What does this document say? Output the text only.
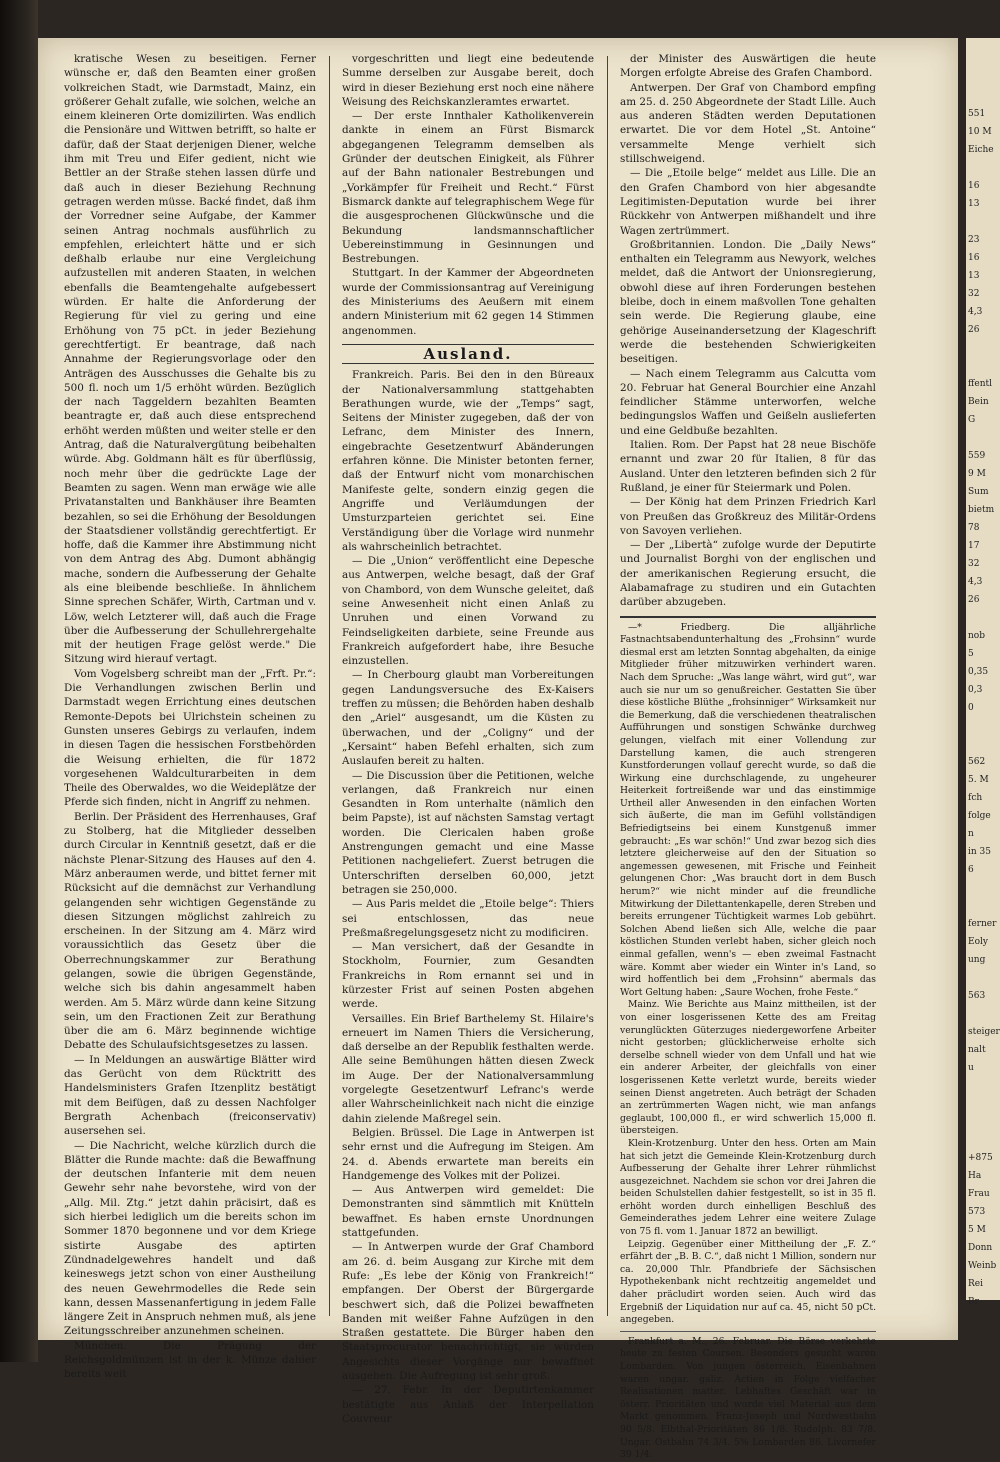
kratische Wesen zu beseitigen. Ferner wünsche er, daß den Beamten einer großen volkreichen Stadt, wie Darmstadt, Mainz, ein größerer Gehalt zufalle, wie solchen, welche an einem kleineren Orte domizilirten. Was endlich die Pensionäre und Wittwen betrifft, so halte er dafür, daß der Staat derjenigen Diener, welche ihm mit Treu und Eifer gedient, nicht wie Bettler an der Straße stehen lassen dürfe und daß auch in dieser Beziehung Rechnung getragen werden müsse. Backé findet, daß ihm der Vorredner seine Aufgabe, der Kammer seinen Antrag nochmals ausführlich zu empfehlen, erleichtert hätte und er sich deßhalb erlaube nur eine Vergleichung aufzustellen mit anderen Staaten, in welchen ebenfalls die Beamtengehalte aufgebessert würden. Er halte die Anforderung der Regierung für viel zu gering und eine Erhöhung von 75 pCt. in jeder Beziehung gerechtfertigt. Er beantrage, daß nach Annahme der Regierungsvorlage oder den Anträgen des Ausschusses die Gehalte bis zu 500 fl. noch um 1/5 erhöht würden. Bezüglich der nach Taggeldern bezahlten Beamten beantragte er, daß auch diese entsprechend erhöht werden müßten und weiter stelle er den Antrag, daß die Naturalvergütung beibehalten würde. Abg. Goldmann hält es für überflüssig, noch mehr über die gedrückte Lage der Beamten zu sagen. Wenn man erwäge wie alle Privatanstalten und Bankhäuser ihre Beamten bezahlen, so sei die Erhöhung der Besoldungen der Staatsdiener vollständig gerechtfertigt. Er hoffe, daß die Kammer ihre Abstimmung nicht von dem Antrag des Abg. Dumont abhängig mache, sondern die Aufbesserung der Gehalte als eine bleibende beschließe. In ähnlichem Sinne sprechen Schäfer, Wirth, Cartman und v. Löw, welch Letzterer will, daß auch die Frage über die Aufbesserung der Schullehrergehalte mit der heutigen Frage gelöst werde." Die Sitzung wird hierauf vertagt.

Vom Vogelsberg schreibt man der „Frft. Pr.“: Die Verhandlungen zwischen Berlin und Darmstadt wegen Errichtung eines deutschen Remonte-Depots bei Ulrichstein scheinen zu Gunsten unseres Gebirgs zu verlaufen, indem in diesen Tagen die hessischen Forstbehörden die Weisung erhielten, die für 1872 vorgesehenen Waldculturarbeiten in dem Theile des Oberwaldes, wo die Weideplätze der Pferde sich finden, nicht in Angriff zu nehmen.

Berlin. Der Präsident des Herrenhauses, Graf zu Stolberg, hat die Mitglieder desselben durch Circular in Kenntniß gesetzt, daß er die nächste Plenar-Sitzung des Hauses auf den 4. März anberaumen werde, und bittet ferner mit Rücksicht auf die demnächst zur Verhandlung gelangenden sehr wichtigen Gegenstände zu diesen Sitzungen möglichst zahlreich zu erscheinen. In der Sitzung am 4. März wird voraussichtlich das Gesetz über die Oberrechnungskammer zur Berathung gelangen, sowie die übrigen Gegenstände, welche sich bis dahin angesammelt haben werden. Am 5. März würde dann keine Sitzung sein, um den Fractionen Zeit zur Berathung über die am 6. März beginnende wichtige Debatte des Schulaufsichtsgesetzes zu lassen.

— In Meldungen an auswärtige Blätter wird das Gerücht von dem Rücktritt des Handelsministers Grafen Itzenplitz bestätigt mit dem Beifügen, daß zu dessen Nachfolger Bergrath Achenbach (freiconservativ) ausersehen sei.

— Die Nachricht, welche kürzlich durch die Blätter die Runde machte: daß die Bewaffnung der deutschen Infanterie mit dem neuen Gewehr sehr nahe bevorstehe, wird von der „Allg. Mil. Ztg.“ jetzt dahin präcisirt, daß es sich hierbei lediglich um die bereits schon im Sommer 1870 begonnene und vor dem Kriege sistirte Ausgabe des aptirten Zündnadelgewehres handelt und daß keineswegs jetzt schon von einer Austheilung des neuen Gewehrmodelles die Rede sein kann, dessen Massenanfertigung in jedem Falle längere Zeit in Anspruch nehmen muß, als jene Zeitungsschreiber anzunehmen scheinen.

München. Die Prägung der Reichsgoldmünzen ist in der k. Münze dahier bereits weit

vorgeschritten und liegt eine bedeutende Summe derselben zur Ausgabe bereit, doch wird in dieser Beziehung erst noch eine nähere Weisung des Reichskanzleramtes erwartet.

— Der erste Innthaler Katholikenverein dankte in einem an Fürst Bismarck abgegangenen Telegramm demselben als Gründer der deutschen Einigkeit, als Führer auf der Bahn nationaler Bestrebungen und „Vorkämpfer für Freiheit und Recht.“ Fürst Bismarck dankte auf telegraphischem Wege für die ausgesprochenen Glückwünsche und die Bekundung landsmannschaftlicher Uebereinstimmung in Gesinnungen und Bestrebungen.

Stuttgart. In der Kammer der Abgeordneten wurde der Commissionsantrag auf Vereinigung des Ministeriums des Aeußern mit einem andern Ministerium mit 62 gegen 14 Stimmen angenommen.

Ausland.

Frankreich. Paris. Bei den in den Büreaux der Nationalversammlung stattgehabten Berathungen wurde, wie der „Temps“ sagt, Seitens der Minister zugegeben, daß der von Lefranc, dem Minister des Innern, eingebrachte Gesetzentwurf Abänderungen erfahren könne. Die Minister betonten ferner, daß der Entwurf nicht vom monarchischen Manifeste gelte, sondern einzig gegen die Angriffe und Verläumdungen der Umsturzparteien gerichtet sei. Eine Verständigung über die Vorlage wird nunmehr als wahrscheinlich betrachtet.

— Die „Union“ veröffentlicht eine Depesche aus Antwerpen, welche besagt, daß der Graf von Chambord, von dem Wunsche geleitet, daß seine Anwesenheit nicht einen Anlaß zu Unruhen und einen Vorwand zu Feindseligkeiten darbiete, seine Freunde aus Frankreich aufgefordert habe, ihre Besuche einzustellen.

— In Cherbourg glaubt man Vorbereitungen gegen Landungsversuche des Ex-Kaisers treffen zu müssen; die Behörden haben deshalb den „Ariel“ ausgesandt, um die Küsten zu überwachen, und der „Coligny“ und der „Kersaint“ haben Befehl erhalten, sich zum Auslaufen bereit zu halten.

— Die Discussion über die Petitionen, welche verlangen, daß Frankreich nur einen Gesandten in Rom unterhalte (nämlich den beim Papste), ist auf nächsten Samstag vertagt worden. Die Clericalen haben große Anstrengungen gemacht und eine Masse Petitionen nachgeliefert. Zuerst betrugen die Unterschriften derselben 60,000, jetzt betragen sie 250,000.

— Aus Paris meldet die „Etoile belge“: Thiers sei entschlossen, das neue Preßmaßregelungsgesetz nicht zu modificiren.

— Man versichert, daß der Gesandte in Stockholm, Fournier, zum Gesandten Frankreichs in Rom ernannt sei und in kürzester Frist auf seinen Posten abgehen werde.

Versailles. Ein Brief Barthelemy St. Hilaire's erneuert im Namen Thiers die Versicherung, daß derselbe an der Republik festhalten werde. Alle seine Bemühungen hätten diesen Zweck im Auge. Der der Nationalversammlung vorgelegte Gesetzentwurf Lefranc's werde aller Wahrscheinlichkeit nach nicht die einzige dahin zielende Maßregel sein.

Belgien. Brüssel. Die Lage in Antwerpen ist sehr ernst und die Aufregung im Steigen. Am 24. d. Abends erwartete man bereits ein Handgemenge des Volkes mit der Polizei.

— Aus Antwerpen wird gemeldet: Die Demonstranten sind sämmtlich mit Knütteln bewaffnet. Es haben ernste Unordnungen stattgefunden.

— In Antwerpen wurde der Graf Chambord am 26. d. beim Ausgang zur Kirche mit dem Rufe: „Es lebe der König von Frankreich!“ empfangen. Der Oberst der Bürgergarde beschwert sich, daß die Polizei bewaffneten Banden mit weißer Fahne Aufzügen in den Straßen gestattete. Die Bürger haben den Staatsprocurator benachrichtigt, sie würden Angesichts dieser Vorgänge nur bewaffnet ausgehen. Die Aufregung ist sehr groß.

— 27. Febr. In der Deputirtenkammer bestätigte aus Anlaß der Interpellation Couvreur

der Minister des Auswärtigen die heute Morgen erfolgte Abreise des Grafen Chambord.

Antwerpen. Der Graf von Chambord empfing am 25. d. 250 Abgeordnete der Stadt Lille. Auch aus anderen Städten werden Deputationen erwartet. Die vor dem Hotel „St. Antoine“ versammelte Menge verhielt sich stillschweigend.

— Die „Etoile belge“ meldet aus Lille. Die an den Grafen Chambord von hier abgesandte Legitimisten-Deputation wurde bei ihrer Rückkehr von Antwerpen mißhandelt und ihre Wagen zertrümmert.

Großbritannien. London. Die „Daily News“ enthalten ein Telegramm aus Newyork, welches meldet, daß die Antwort der Unionsregierung, obwohl diese auf ihren Forderungen bestehen bleibe, doch in einem maßvollen Tone gehalten sein werde. Die Regierung glaube, eine gehörige Auseinandersetzung der Klageschrift werde die bestehenden Schwierigkeiten beseitigen.

— Nach einem Telegramm aus Calcutta vom 20. Februar hat General Bourchier eine Anzahl feindlicher Stämme unterworfen, welche bedingungslos Waffen und Geißeln auslieferten und eine Geldbuße bezahlten.

Italien. Rom. Der Papst hat 28 neue Bischöfe ernannt und zwar 20 für Italien, 8 für das Ausland. Unter den letzteren befinden sich 2 für Rußland, je einer für Steiermark und Polen.

— Der König hat dem Prinzen Friedrich Karl von Preußen das Großkreuz des Militär-Ordens von Savoyen verliehen.

— Der „Libertà“ zufolge wurde der Deputirte und Journalist Borghi von der englischen und der amerikanischen Regierung ersucht, die Alabamafrage zu studiren und ein Gutachten darüber abzugeben.

—* Friedberg. Die alljährliche Fastnachtsabendunterhaltung des „Frohsinn“ wurde diesmal erst am letzten Sonntag abgehalten, da einige Mitglieder früher mitzuwirken verhindert waren. Nach dem Spruche: „Was lange währt, wird gut“, war auch sie nur um so genußreicher. Gestatten Sie über diese köstliche Blüthe „frohsinniger“ Wirksamkeit nur die Bemerkung, daß die verschiedenen theatralischen Aufführungen und sonstigen Schwänke durchweg gelungen, vielfach mit einer Vollendung zur Darstellung kamen, die auch strengeren Kunstforderungen vollauf gerecht wurde, so daß die Wirkung eine durchschlagende, zu ungeheurer Heiterkeit fortreißende war und das einstimmige Urtheil aller Anwesenden in den einfachen Worten sich äußerte, die man im Gefühl vollständigen Befriedigtseins bei einem Kunstgenuß immer gebraucht: „Es war schön!“ Und zwar bezog sich dies letztere gleicherweise auf den der Situation so angemessen gewesenen, mit Frische und Feinheit gelungenen Chor: „Was braucht dort in dem Busch herum?“ wie nicht minder auf die freundliche Mitwirkung der Dilettantenkapelle, deren Streben und bereits errungener Tüchtigkeit warmes Lob gebührt. Solchen Abend ließen sich Alle, welche die paar köstlichen Stunden verlebt haben, sicher gleich noch einmal gefallen, wenn's — eben zweimal Fastnacht wäre. Kommt aber wieder ein Winter in's Land, so wird hoffentlich bei dem „Frohsinn“ abermals das Wort Geltung haben: „Saure Wochen, frohe Feste.“

Mainz. Wie Berichte aus Mainz mittheilen, ist der von einer losgerissenen Kette des am Freitag verunglückten Güterzuges niedergeworfene Arbeiter nicht gestorben; glücklicherweise erholte sich derselbe schnell wieder von dem Unfall und hat wie ein anderer Arbeiter, der gleichfalls von einer losgerissenen Kette verletzt wurde, bereits wieder seinen Dienst angetreten. Auch beträgt der Schaden an zertrümmerten Wagen nicht, wie man anfangs geglaubt, 100,000 fl., er wird schwerlich 15,000 fl. übersteigen.

Klein-Krotzenburg. Unter den hess. Orten am Main hat sich jetzt die Gemeinde Klein-Krotzenburg durch Aufbesserung der Gehalte ihrer Lehrer rühmlichst ausgezeichnet. Nachdem sie schon vor drei Jahren die beiden Schulstellen dahier festgestellt, so ist in 35 fl. erhöht worden durch einhelligen Beschluß des Gemeinderathes jedem Lehrer eine weitere Zulage von 75 fl. vom 1. Januar 1872 an bewilligt.

Leipzig. Gegenüber einer Mittheilung der „F. Z.“ erfährt der „B. B. C.“, daß nicht 1 Million, sondern nur ca. 20,000 Thlr. Pfandbriefe der Sächsischen Hypothekenbank nicht rechtzeitig angemeldet und daher präcludirt worden seien. Auch wird das Ergebniß der Liquidation nur auf ca. 45, nicht 50 pCt. angegeben.

Frankfurt a. M., 26. Februar. Die Börse verkehrte heute zu festen Coursen. Besonders gesucht waren Lombarden. Von jungen österreich. Eisenbahnen waren ungar. galiz. Actien in Folge vielfacher Realisationen matter. Lebhaftes Geschäft war in österr. Prioritäten und wurde viel Material aus dem Markt genommen. Franz-Joseph und Nordwestbahn 90 5/8. Elbthal-Prioritäten 86 1/8. Rudolph. 83 7/8. Ungar. Ostbahn 74 3/4. 5% Lombarden 86. Livornefer 39 1/4.

551
10 M
Eiche

16
13

23
16
13
32
4,3
26

ffentl
Bein
G

559
9 M
Sum
bietm
78
17
32
4,3
26

nob
5
0,35
0,3
0

562
5. M
fch
folge
n
in 35
6

ferner
Eoly
ung

563

steiger
nalt
u

+875
Ha
Frau
573
5 M
Donn
Weinb
Rei
Br
